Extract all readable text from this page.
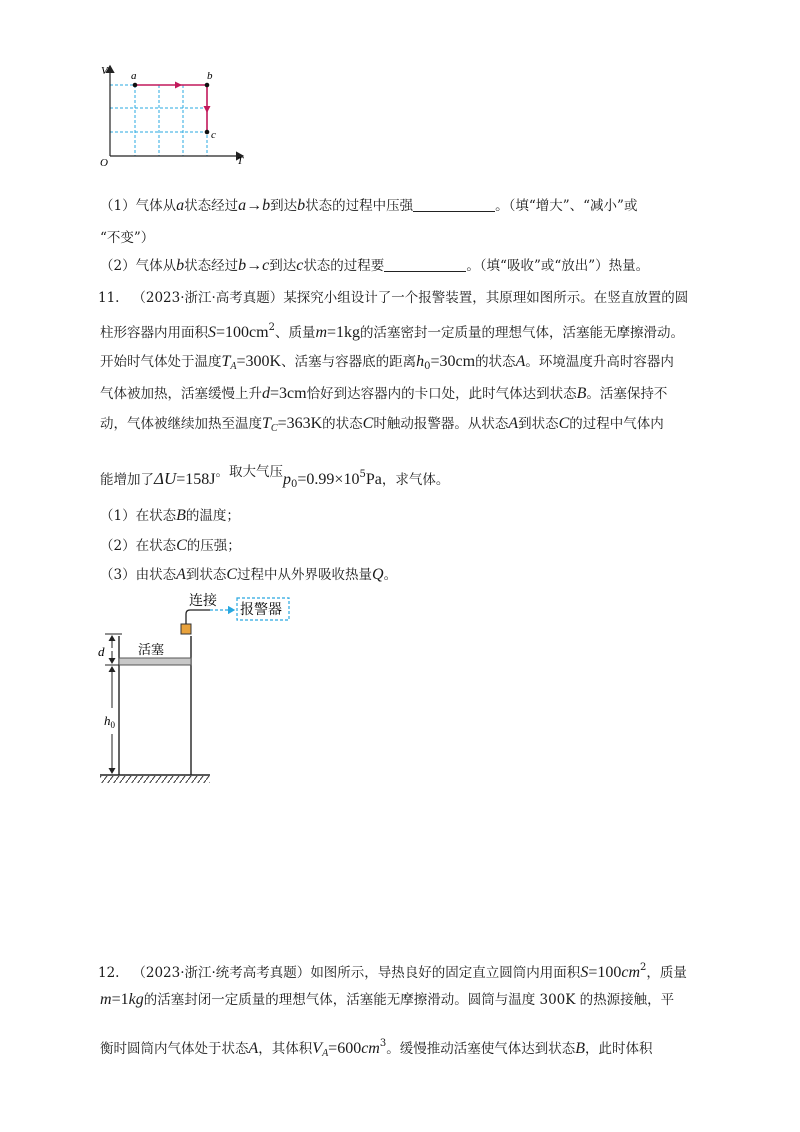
V
T
O
a	b
c
（1）气体从a状态经过a→b到达b状态的过程中压强	。（填“增大”、“减小”或
“不变”）
（2）气体从b状态经过b→c到达c状态的过程要	。（填“吸收”或“放出”）热量。
11. （2023·浙江·高考真题）某探究小组设计了一个报警装置，其原理如图所示。在竖直放置的圆
柱形容器内用面积$S=100cm^2$、质量m=1kg的活塞密封一定质量的理想气体，活塞能无摩擦滑动。
开始时气体处于温度$T_A=300K$、活塞与容器底的距离$h_0=30cm$的状态A。环境温度升高时容器内
气体被加热，活塞缓慢上升d=3cm恰好到达容器内的卡口处，此时气体达到状态B。活塞保持不
动，气体被继续加热至温度$T_C=363K$的状态C时触动报警器。从状态A到状态C的过程中气体内
能增加了ΔU=158J。取大气压$p_0=0.99\times 10^5Pa$，求气体。
（1）在状态B的温度；
（2）在状态C的压强；
（3）由状态A到状态C过程中从外界吸收热量Q。
活塞
连接
报警器
d
$h_0$
12. （2023·浙江·统考高考真题）如图所示，导热良好的固定直立圆筒内用面积$S=100cm^2$，质量
m=1kg的活塞封闭一定质量的理想气体，活塞能无摩擦滑动。圆筒与温度 300K 的热源接触，平
衡时圆筒内气体处于状态A，其体积$V_A=600cm^3$。缓慢推动活塞使气体达到状态B，此时体积
